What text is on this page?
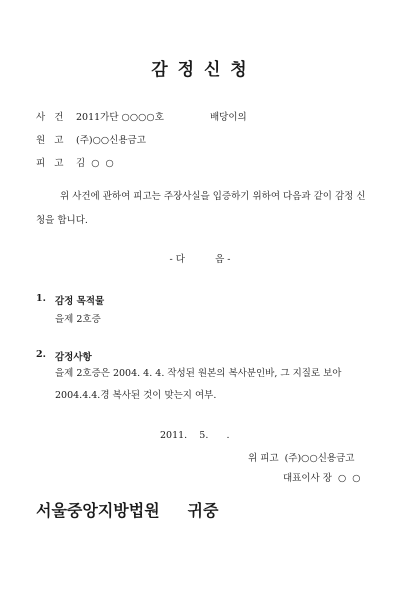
감 정 신 청
사   건 2011가단 ○○○○호	배당이의
원   고 (주)○○신용금고
피   고 김  ○  ○
위 사건에 관하여 피고는 주장사실을 입증하기 위하여 다음과 같이 감정 신청을 합니다.
- 다          음 -
1. 감정 목적물
을제 2호증
2. 감정사항
을제 2호증은 2004. 4. 4. 작성된 원본의 복사분인바, 그 지질로 보아 2004.4.4.경 복사된 것이 맞는지 여부.
2011.    5.      .
위 피고  (주)○○신용금고
대표이사 장  ○  ○
서울중앙지방법원     귀중
